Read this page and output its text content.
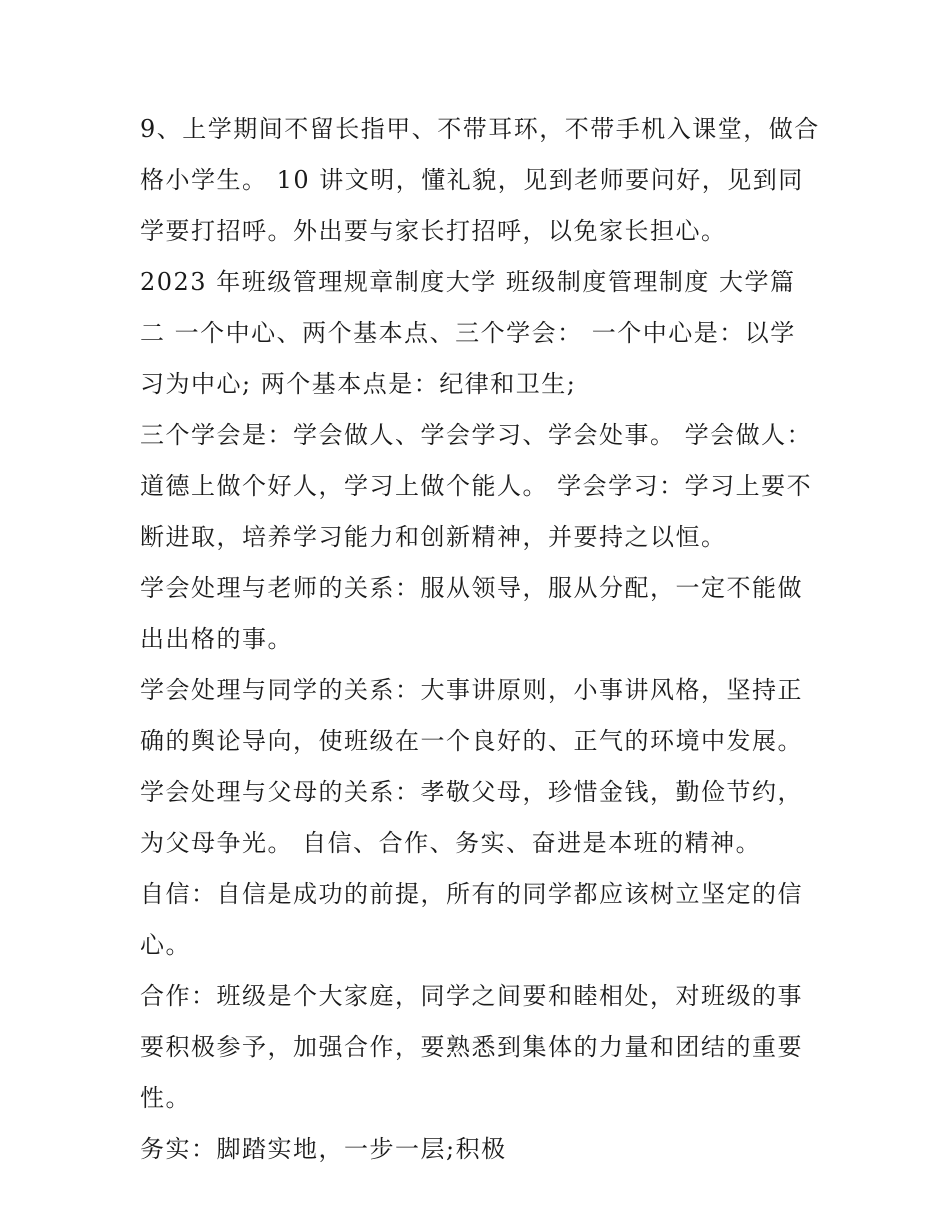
9、上学期间不留长指甲、不带耳环，不带手机入课堂，做合格小学生。 10 讲文明，懂礼貌，见到老师要问好，见到同学要打招呼。外出要与家长打招呼，以免家长担心。

2023 年班级管理规章制度大学 班级制度管理制度 大学篇二 一个中心、两个基本点、三个学会： 一个中心是：以学习为中心; 两个基本点是：纪律和卫生;

三个学会是：学会做人、学会学习、学会处事。 学会做人：道德上做个好人，学习上做个能人。 学会学习：学习上要不断进取，培养学习能力和创新精神，并要持之以恒。

学会处理与老师的关系：服从领导，服从分配，一定不能做出出格的事。

学会处理与同学的关系：大事讲原则，小事讲风格，坚持正确的舆论导向，使班级在一个良好的、正气的环境中发展。

学会处理与父母的关系：孝敬父母，珍惜金钱，勤俭节约，为父母争光。 自信、合作、务实、奋进是本班的精神。

自信：自信是成功的前提，所有的同学都应该树立坚定的信心。

合作：班级是个大家庭，同学之间要和睦相处，对班级的事要积极参予，加强合作，要熟悉到集体的力量和团结的重要性。

务实：脚踏实地，一步一层;积极
